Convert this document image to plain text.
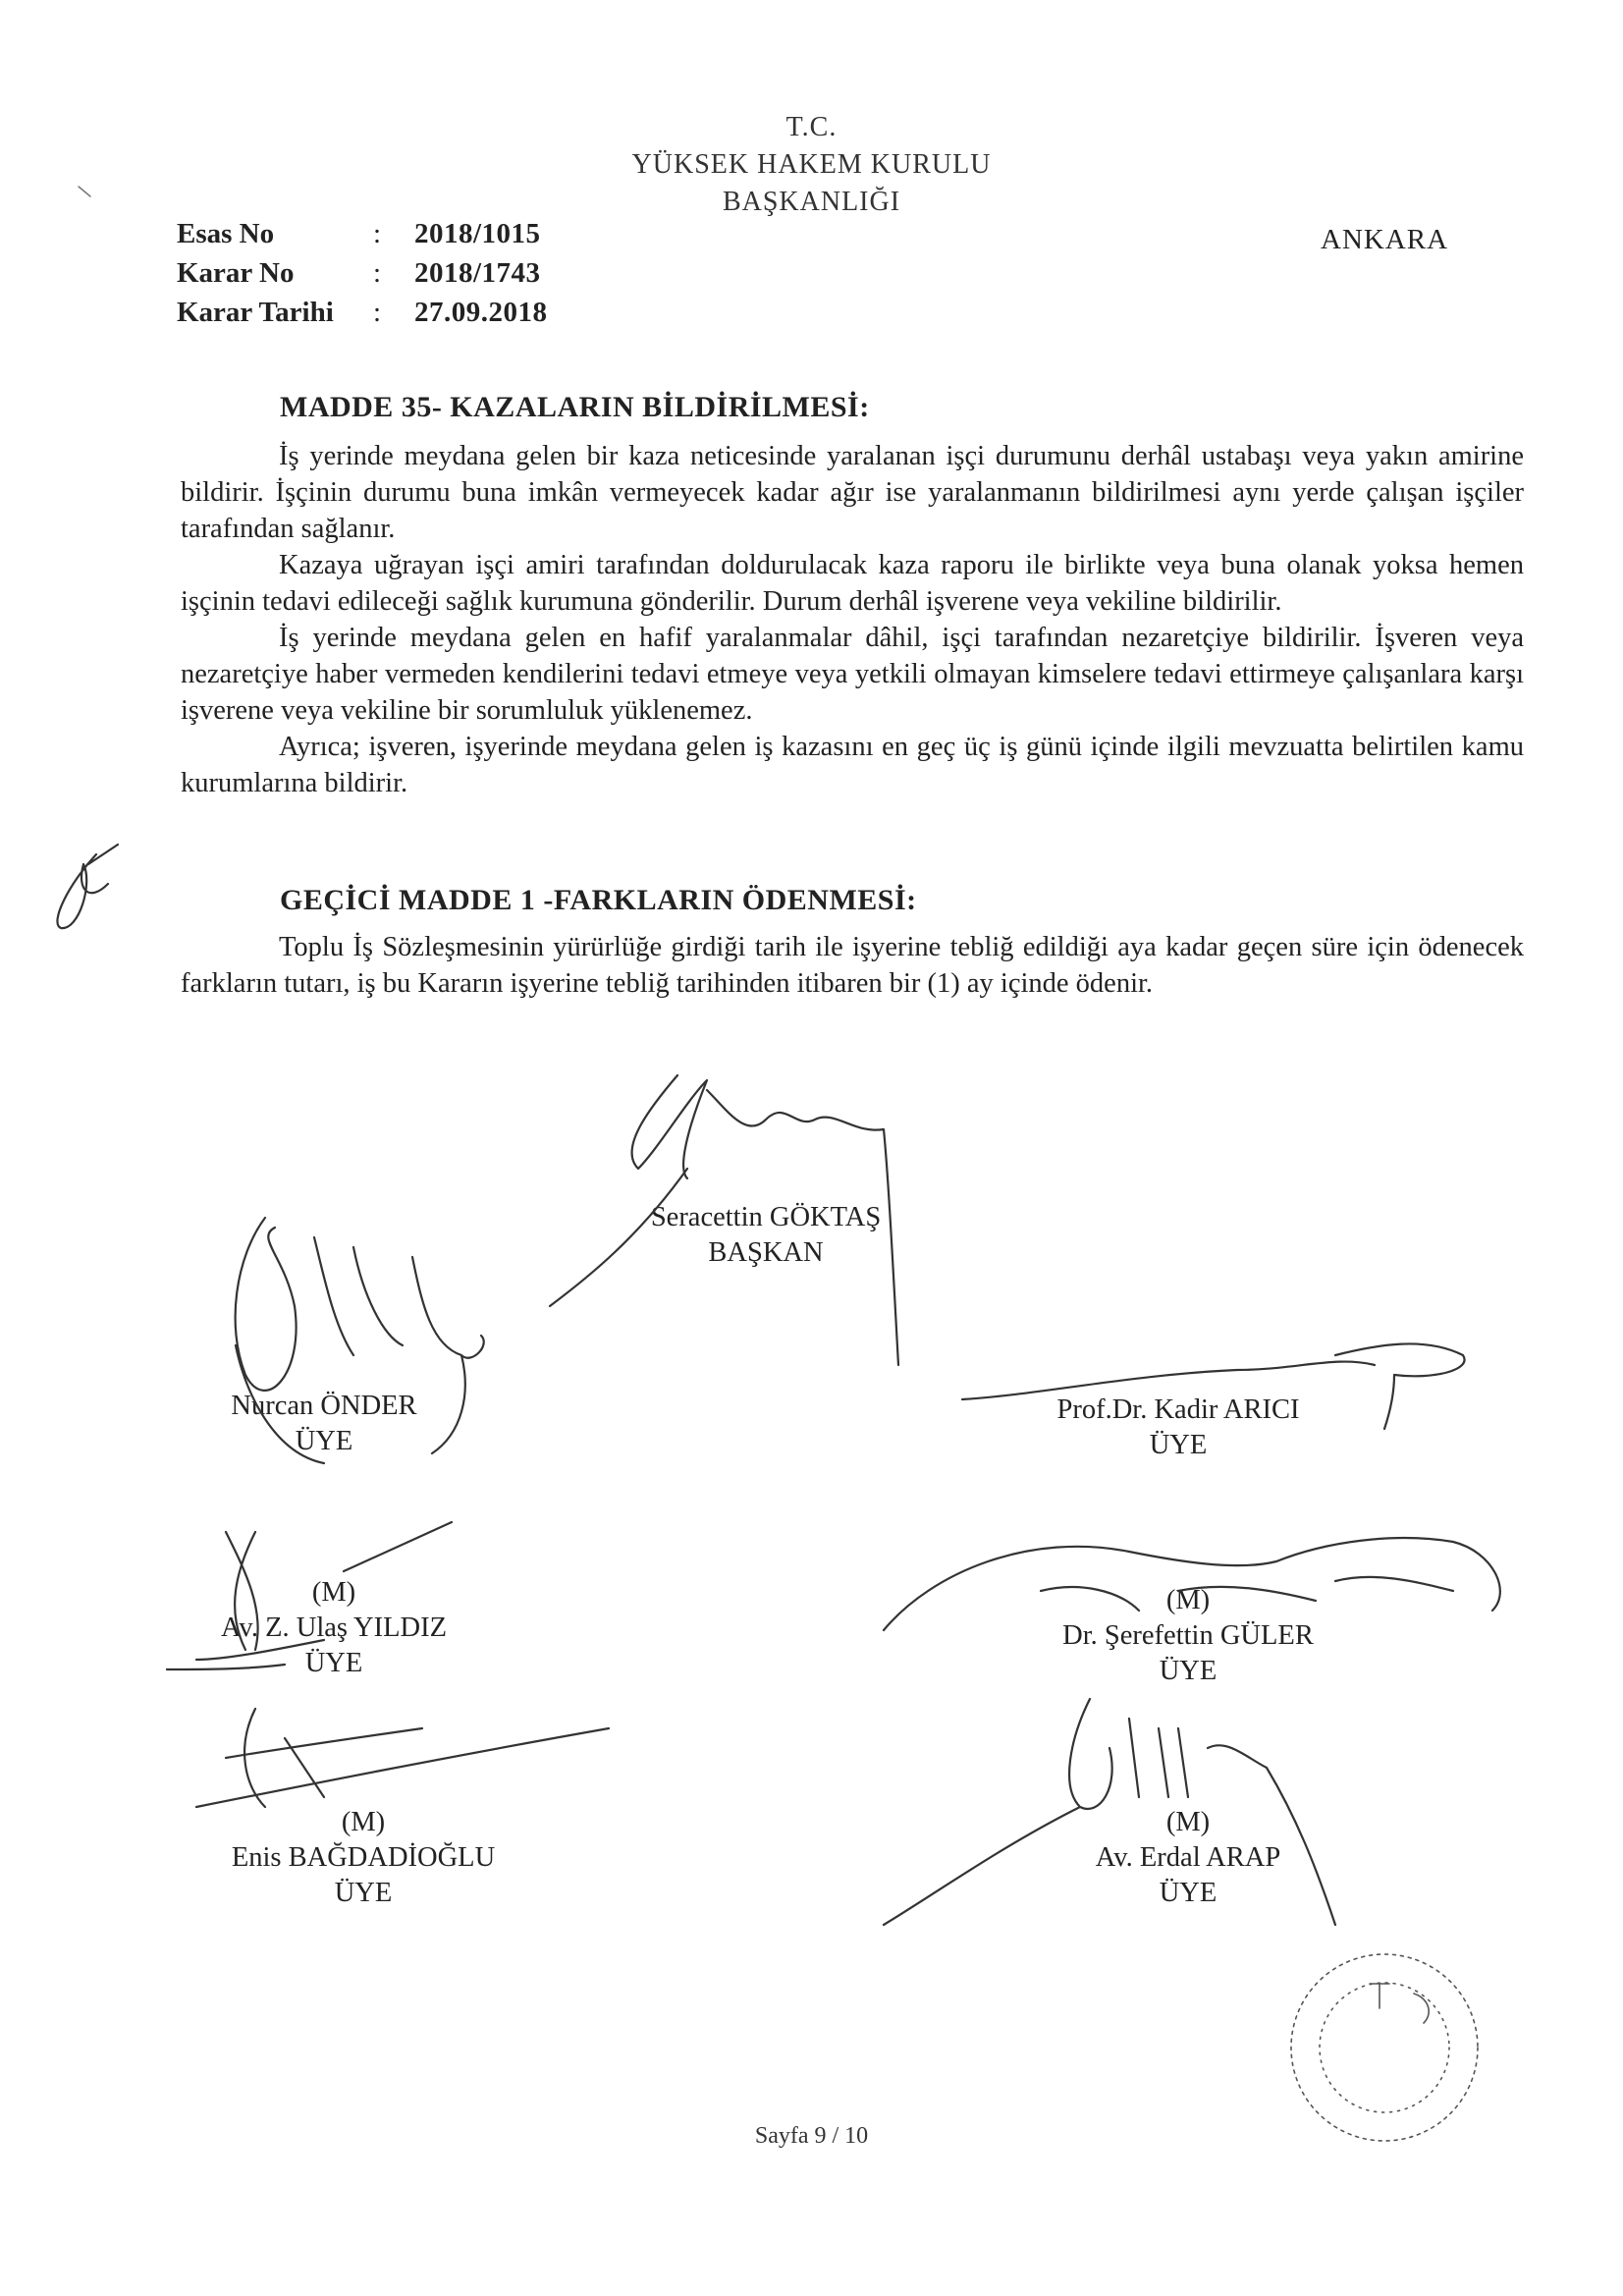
T.C.
YÜKSEK HAKEM KURULU
BAŞKANLIĞI
Esas No	:	2018/1015
Karar No	:	2018/1743
Karar Tarihi	:	27.09.2018
ANKARA
MADDE 35- KAZALARIN BİLDİRİLMESİ:

İş yerinde meydana gelen bir kaza neticesinde yaralanan işçi durumunu derhâl ustabaşı veya yakın amirine bildirir. İşçinin durumu buna imkân vermeyecek kadar ağır ise yaralanmanın bildirilmesi aynı yerde çalışan işçiler tarafından sağlanır.

Kazaya uğrayan işçi amiri tarafından doldurulacak kaza raporu ile birlikte veya buna olanak yoksa hemen işçinin tedavi edileceği sağlık kurumuna gönderilir. Durum derhâl işverene veya vekiline bildirilir.

İş yerinde meydana gelen en hafif yaralanmalar dâhil, işçi tarafından nezaretçiye bildirilir. İşveren veya nezaretçiye haber vermeden kendilerini tedavi etmeye veya yetkili olmayan kimselere tedavi ettirmeye çalışanlara karşı işverene veya vekiline bir sorumluluk yüklenemez.

Ayrıca; işveren, işyerinde meydana gelen iş kazasını en geç üç iş günü içinde ilgili mevzuatta belirtilen kamu kurumlarına bildirir.

GEÇİCİ MADDE 1 -FARKLARIN ÖDENMESİ:

Toplu İş Sözleşmesinin yürürlüğe girdiği tarih ile işyerine tebliğ edildiği aya kadar geçen süre için ödenecek farkların tutarı, iş bu Kararın işyerine tebliğ tarihinden itibaren bir (1) ay içinde ödenir.

Seracettin GÖKTAŞ
BAŞKAN
Nurcan ÖNDER
ÜYE
Prof.Dr. Kadir ARICI
ÜYE
(M)
Av. Z. Ulaş YILDIZ
ÜYE
(M)
Dr. Şerefettin GÜLER
ÜYE
(M)
Enis BAĞDADİOĞLU
ÜYE
(M)
Av. Erdal ARAP
ÜYE
Sayfa 9 / 10
